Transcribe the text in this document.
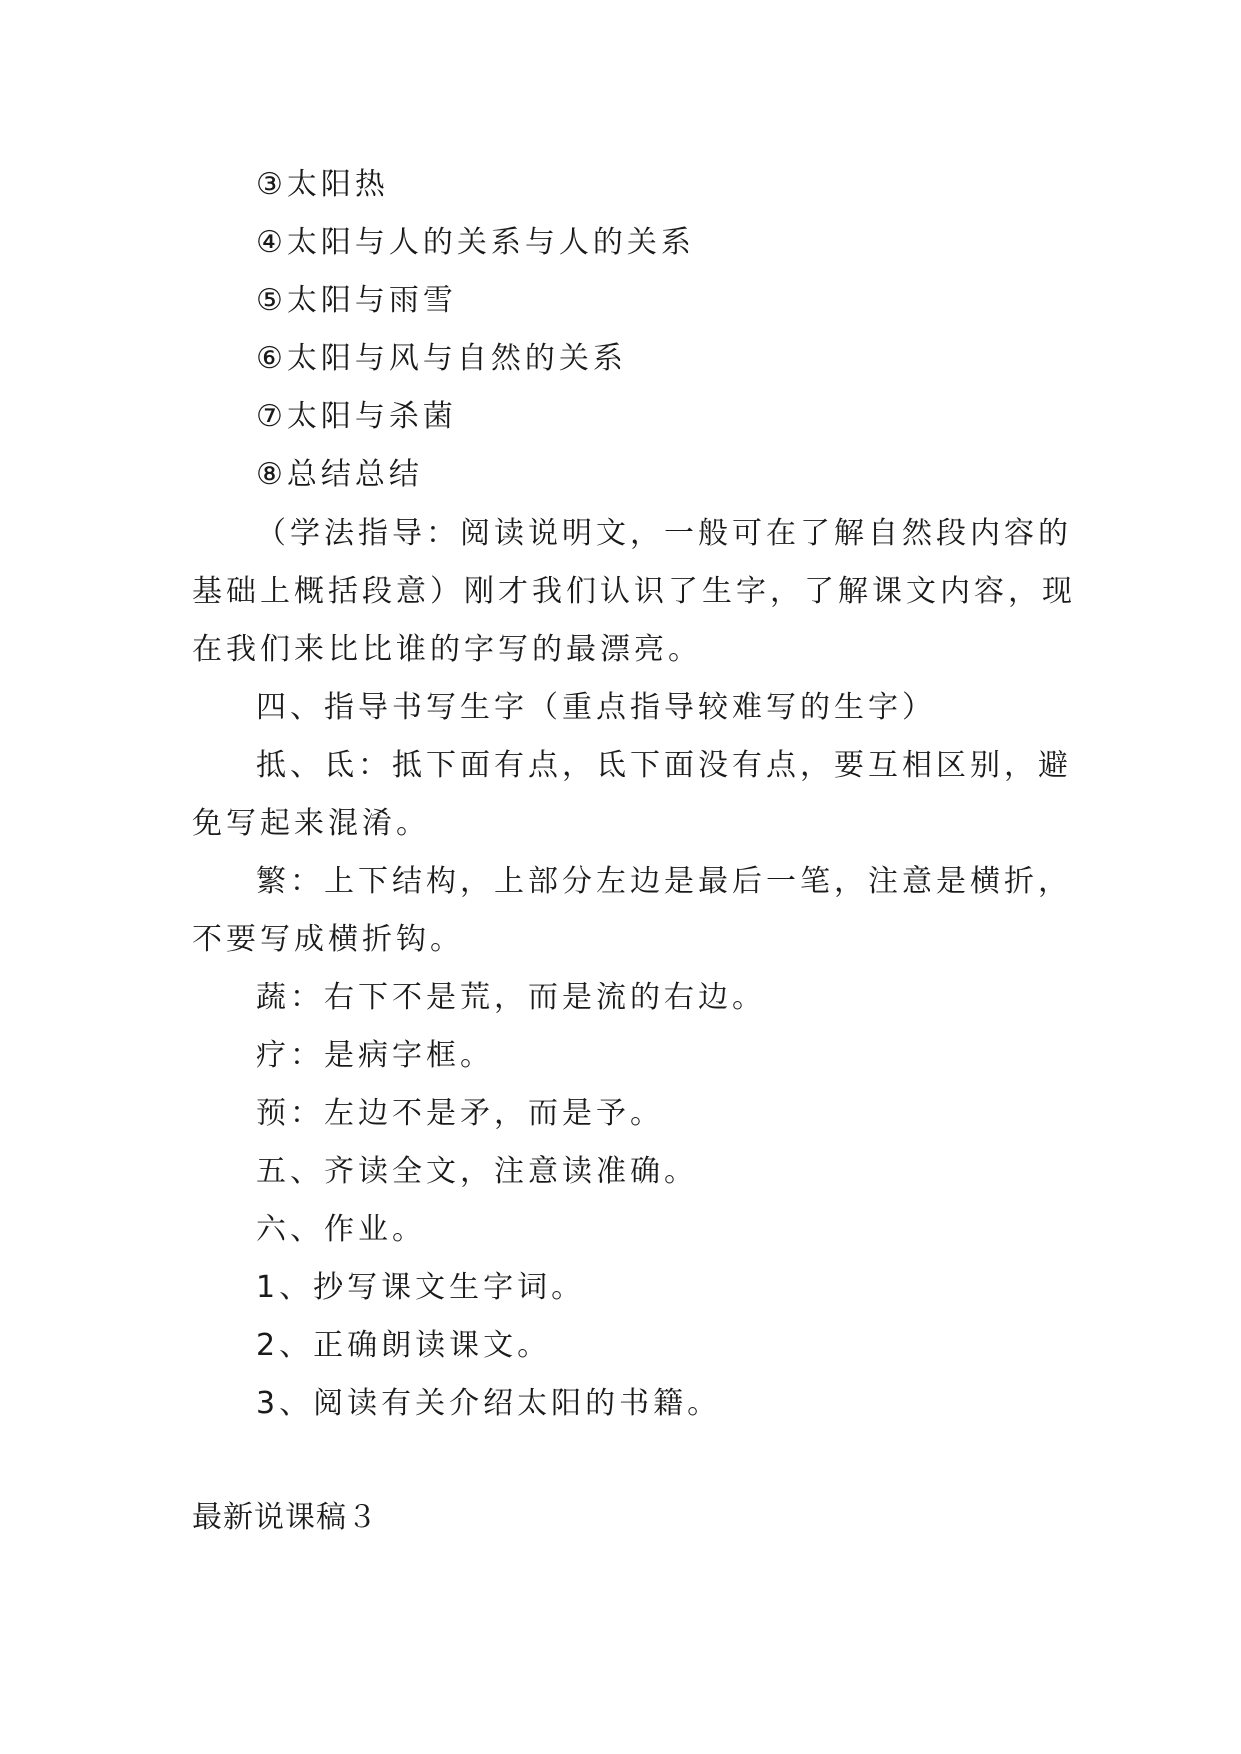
③太阳热
④太阳与人的关系与人的关系
⑤太阳与雨雪
⑥太阳与风与自然的关系
⑦太阳与杀菌
⑧总结总结
（学法指导：阅读说明文，一般可在了解自然段内容的
基础上概括段意）刚才我们认识了生字，了解课文内容，现
在我们来比比谁的字写的最漂亮。
四、指导书写生字（重点指导较难写的生字）
抵、氐：抵下面有点，氐下面没有点，要互相区别，避
免写起来混淆。
繁：上下结构，上部分左边是最后一笔，注意是横折，
不要写成横折钩。
蔬：右下不是荒，而是流的右边。
疗：是病字框。
预：左边不是矛，而是予。
五、齐读全文，注意读准确。
六、作业。
1、抄写课文生字词。
2、正确朗读课文。
3、阅读有关介绍太阳的书籍。
最新说课稿３
